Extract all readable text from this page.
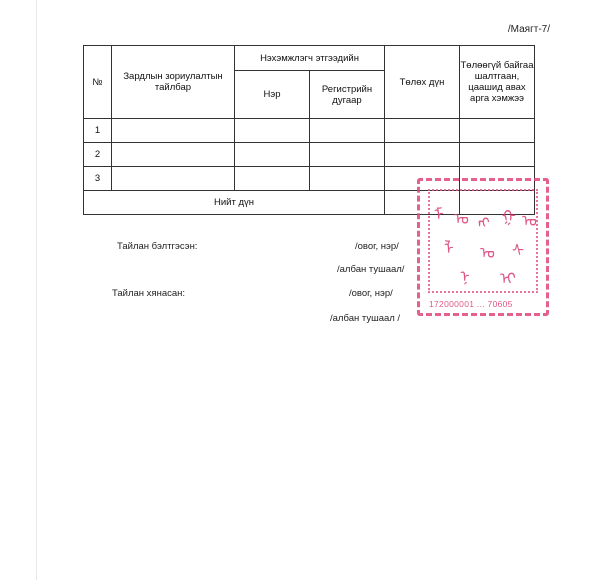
/Маягт-7/
№	Зардлын зориулалтын тайлбар	Нэхэмжлэгч этгээдийн		Төлөх дүн	Төлөөгүй байгаа шалтгаан, цаашид авах арга хэмжээ
		Нэр	Регистрийн дугаар		
1					
2					
3					
Нийт дүн					
Тайлан бэлтгэсэн:	/овог, нэр/
/албан тушаал/
Тайлан хянасан:	/овог, нэр/
/албан тушаал /
ᠮ ᠣ ᠩ ᠭ ᠣ
ᠯ ᠤ ᠰ
ᠨ ᠢ
172000001 ... 70605
